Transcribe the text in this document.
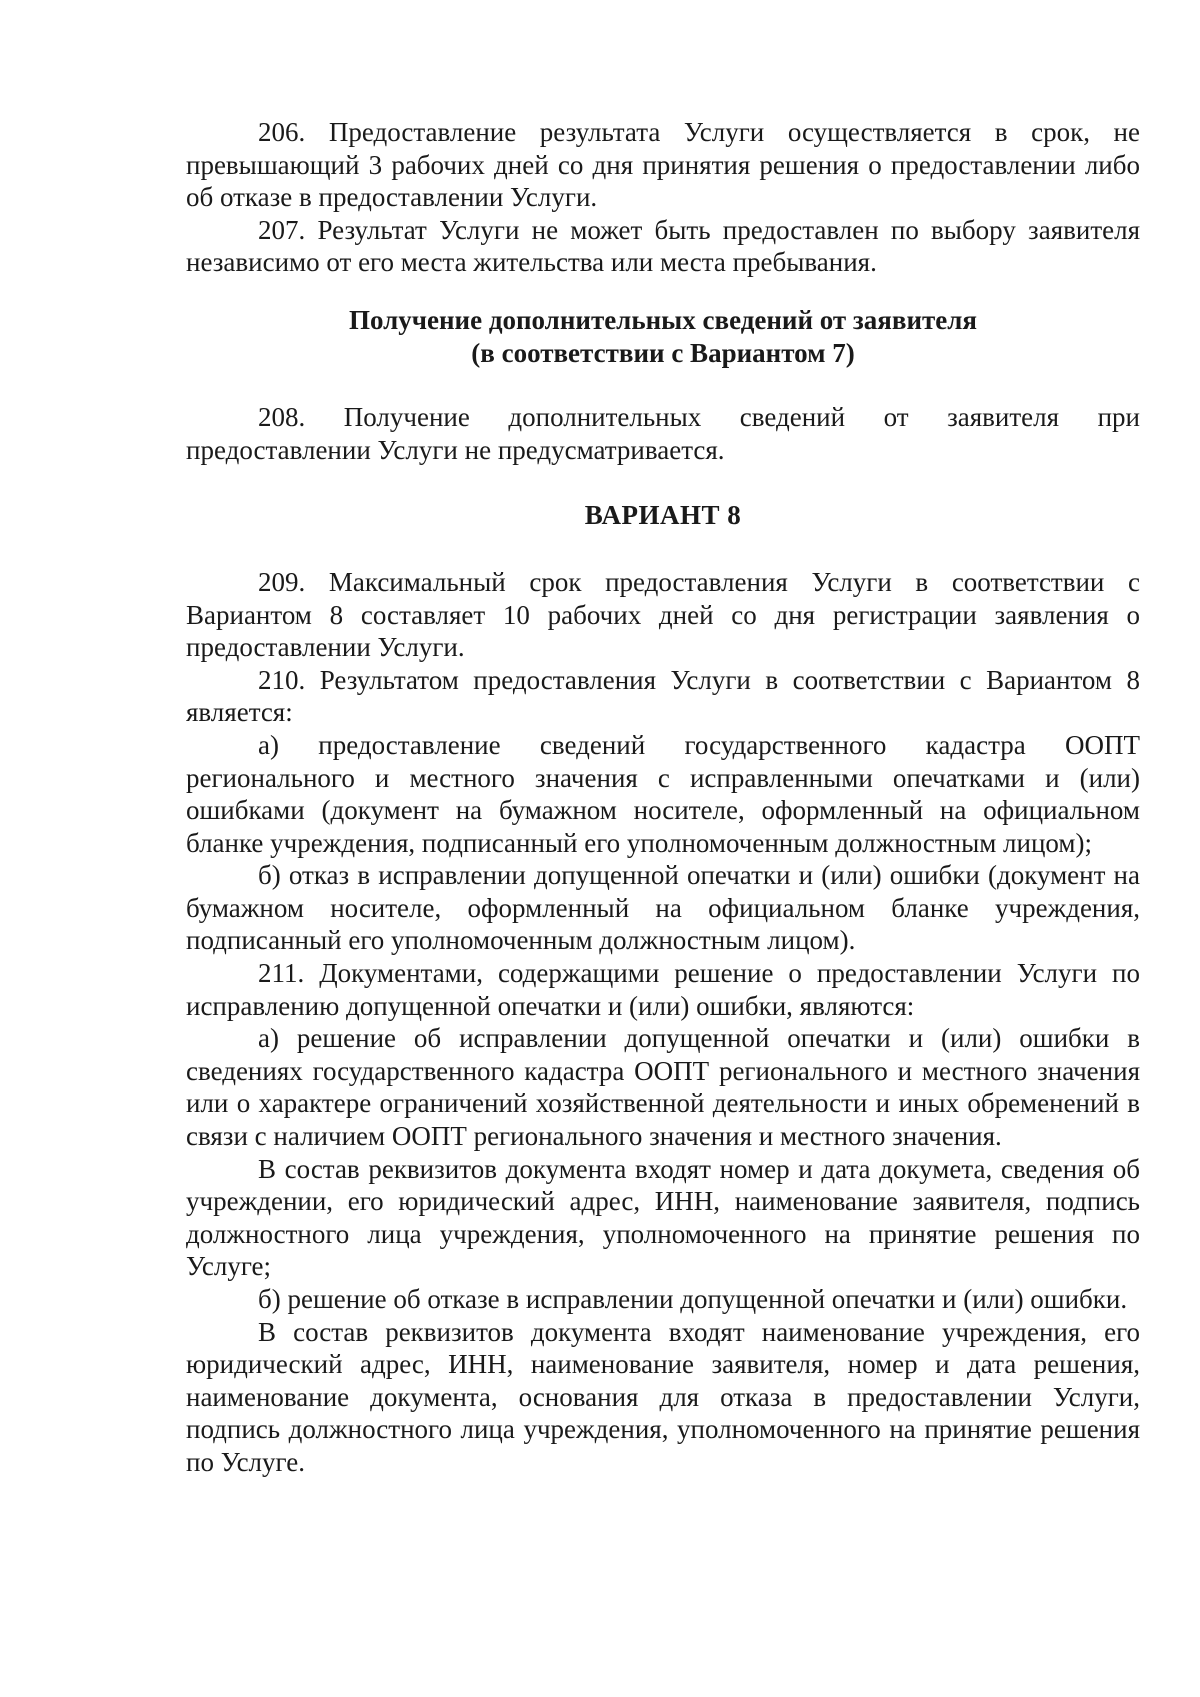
206. Предоставление результата Услуги осуществляется в срок, не превышающий 3 рабочих дней со дня принятия решения о предоставлении либо об отказе в предоставлении Услуги.

207. Результат Услуги не может быть предоставлен по выбору заявителя независимо от его места жительства или места пребывания.

Получение дополнительных сведений от заявителя

(в соответствии с Вариантом 7)

208. Получение дополнительных сведений от заявителя при предоставлении Услуги не предусматривается.

ВАРИАНТ 8

209. Максимальный срок предоставления Услуги в соответствии с Вариантом 8 составляет 10 рабочих дней со дня регистрации заявления о предоставлении Услуги.

210. Результатом предоставления Услуги в соответствии с Вариантом 8 является:

а) предоставление сведений государственного кадастра ООПТ регионального и местного значения с исправленными опечатками и (или) ошибками (документ на бумажном носителе, оформленный на официальном бланке учреждения, подписанный его уполномоченным должностным лицом);

б) отказ в исправлении допущенной опечатки и (или) ошибки (документ на бумажном носителе, оформленный на официальном бланке учреждения, подписанный его уполномоченным должностным лицом).

211. Документами, содержащими решение о предоставлении Услуги по исправлению допущенной опечатки и (или) ошибки, являются:

а) решение об исправлении допущенной опечатки и (или) ошибки в сведениях государственного кадастра ООПТ регионального и местного значения или о характере ограничений хозяйственной деятельности и иных обременений в связи с наличием ООПТ регионального значения и местного значения.

В состав реквизитов документа входят номер и дата докумета, сведения об учреждении, его юридический адрес, ИНН, наименование заявителя, подпись должностного лица учреждения, уполномоченного на принятие решения по Услуге;

б) решение об отказе в исправлении допущенной опечатки и (или) ошибки.

В состав реквизитов документа входят наименование учреждения, его юридический адрес, ИНН, наименование заявителя, номер и дата решения, наименование документа, основания для отказа в предоставлении Услуги, подпись должностного лица учреждения, уполномоченного на принятие решения по Услуге.
